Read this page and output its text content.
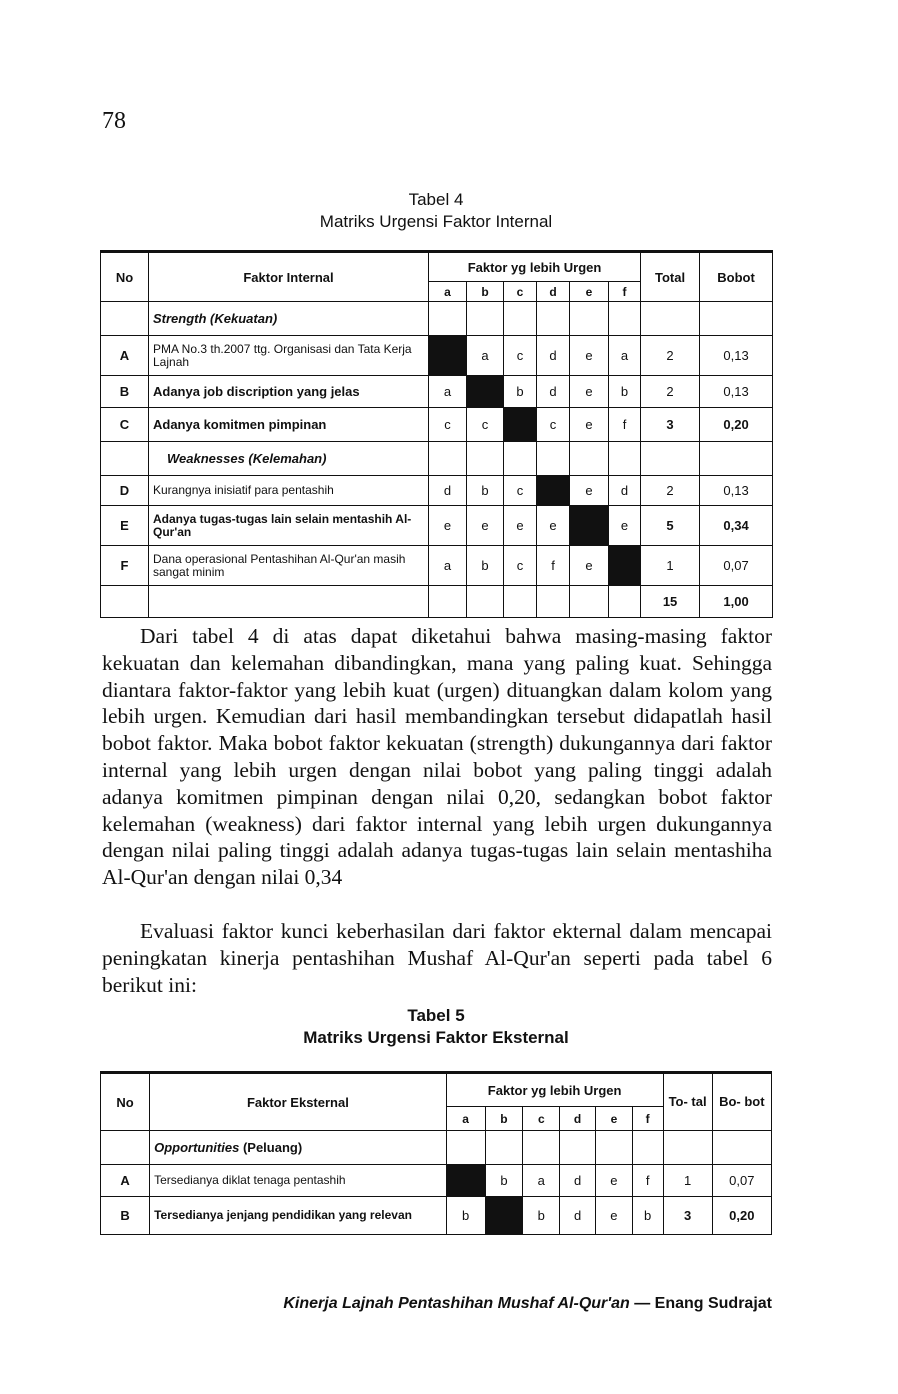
78
Tabel 4
Matriks Urgensi Faktor Internal
No	Faktor Internal	Faktor yg lebih Urgen						Total	Bobot
		a	b	c	d	e	f		
	Strength (Kekuatan)								
A	PMA No.3 th.2007 ttg. Organisasi dan Tata Kerja Lajnah		a	c	d	e	a	2	0,13
B	Adanya job discription yang jelas	a		b	d	e	b	2	0,13
C	Adanya komitmen pimpinan	c	c		c	e	f	3	0,20
	Weaknesses (Kelemahan)								
D	Kurangnya inisiatif para pentashih	d	b	c		e	d	2	0,13
E	Adanya tugas-tugas lain selain mentashih Al-Qur'an	e	e	e	e		e	5	0,34
F	Dana operasional Pentashihan Al-Qur'an masih sangat minim	a	b	c	f	e		1	0,07
								15	1,00

Dari tabel 4 di atas dapat diketahui bahwa masing-masing faktor kekuatan dan kelemahan dibandingkan, mana yang paling kuat. Sehingga diantara faktor-faktor yang lebih kuat (urgen) dituangkan dalam kolom yang lebih urgen. Kemudian dari hasil membandingkan tersebut didapatlah hasil bobot faktor. Maka bobot faktor kekuatan (strength) dukungannya dari faktor internal yang lebih urgen dengan nilai bobot yang paling tinggi adalah adanya komitmen pimpinan dengan nilai 0,20, sedangkan bobot faktor kelemahan (weakness) dari faktor internal yang lebih urgen dukungannya dengan nilai paling tinggi adalah adanya tugas-tugas lain selain mentashiha Al-Qur'an dengan nilai 0,34

Evaluasi faktor kunci keberhasilan dari faktor ekternal dalam mencapai peningkatan kinerja pentashihan Mushaf Al-Qur'an seperti pada tabel 6 berikut ini:

Tabel 5
Matriks Urgensi Faktor Eksternal
No	Faktor Eksternal	Faktor yg lebih Urgen						To- tal	Bo- bot
		a	b	c	d	e	f		
	Opportunities (Peluang)								
A	Tersedianya diklat tenaga pentashih		b	a	d	e	f	1	0,07
B	Tersedianya jenjang pendidikan yang relevan	b		b	d	e	b	3	0,20
Kinerja Lajnah Pentashihan Mushaf Al-Qur'an — Enang Sudrajat
